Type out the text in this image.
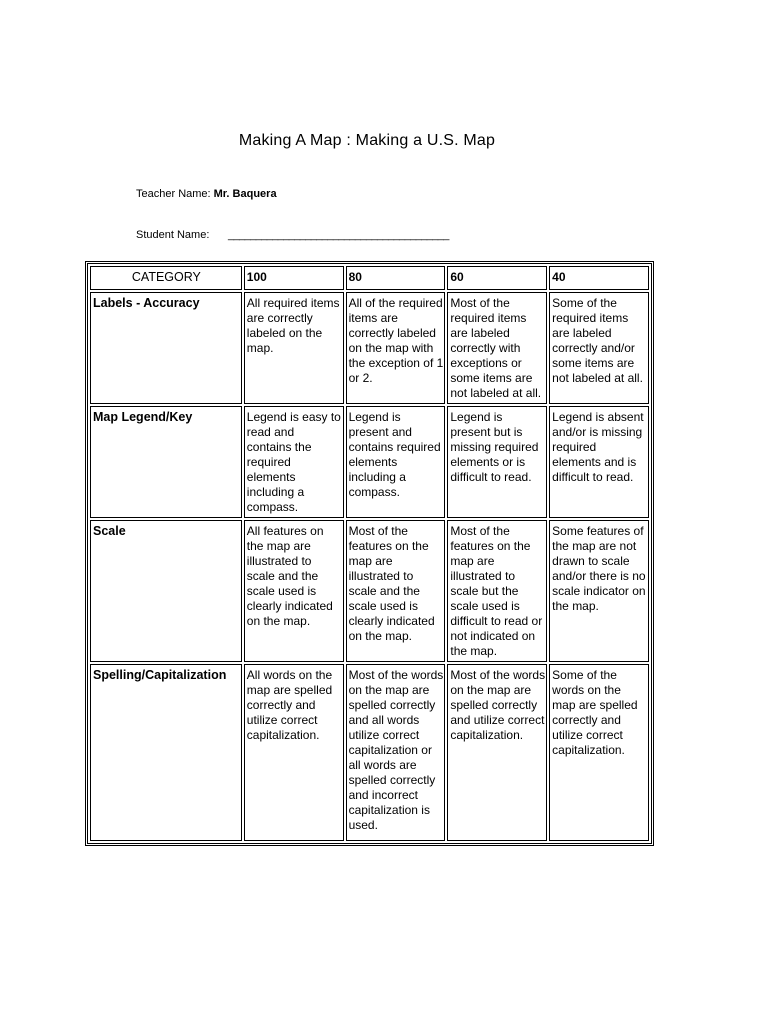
Making A Map : Making a U.S. Map
Teacher Name: Mr. Baquera
Student Name: ________________________________________
CATEGORY	100	80	60	40
Labels - Accuracy	All required items are correctly labeled on the map.	All of the required items are correctly labeled on the map with the exception of 1 or 2.	Most of the required items are labeled correctly with exceptions or some items are not labeled at all.	Some of the required items are labeled correctly and/or some items are not labeled at all.
Map Legend/Key	Legend is easy to read and contains the required elements including a compass.	Legend is present and contains required elements including a compass.	Legend is present but is missing required elements or is difficult to read.	Legend is absent and/or is missing required elements and is difficult to read.
Scale	All features on the map are illustrated to scale and the scale used is clearly indicated on the map.	Most of the features on the map are illustrated to scale and the scale used is clearly indicated on the map.	Most of the features on the map are illustrated to scale but the scale used is difficult to read or not indicated on the map.	Some features of the map are not drawn to scale and/or there is no scale indicator on the map.
Spelling/Capitalization	All words on the map are spelled correctly and utilize correct capitalization.	Most of the words on the map are spelled correctly and all words utilize correct capitalization or all words are spelled correctly and incorrect capitalization is used.	Most of the words on the map are spelled correctly and utilize correct capitalization.	Some of the words on the map are spelled correctly and utilize correct capitalization.
